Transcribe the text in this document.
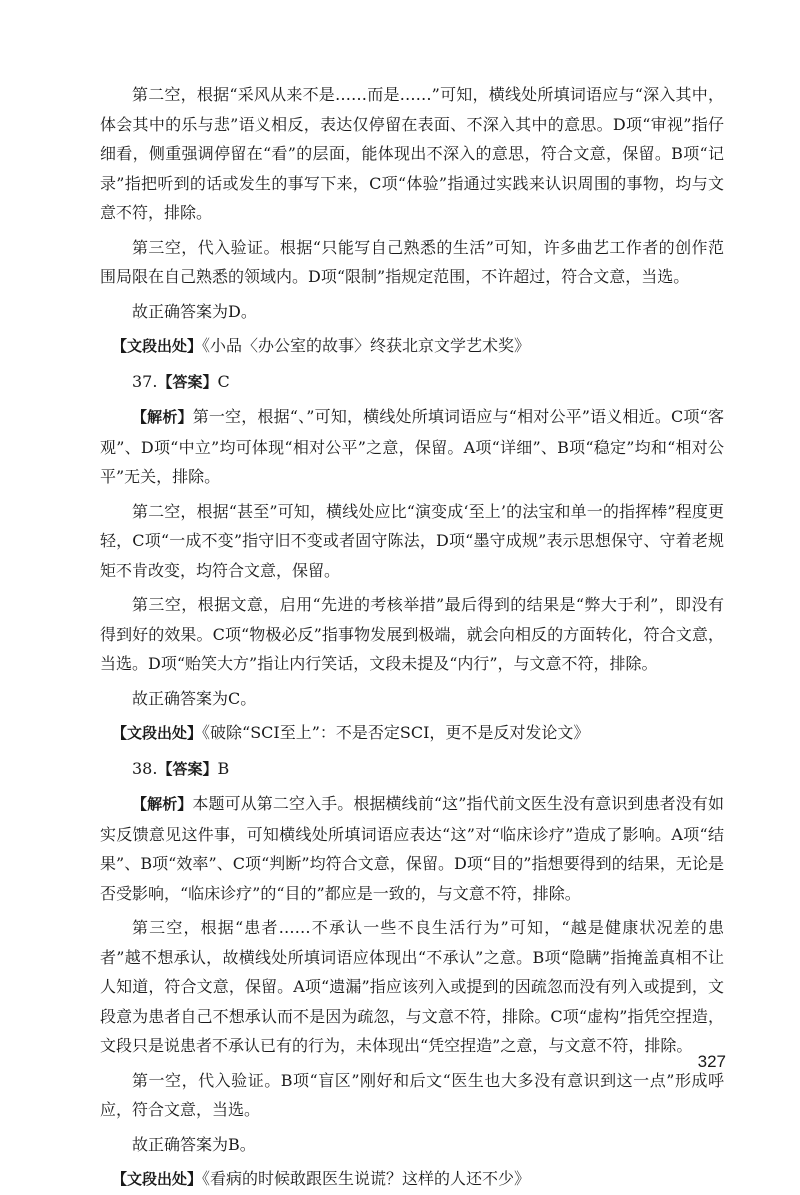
第二空，根据“采风从来不是……而是……”可知，横线处所填词语应与“深入其中，体会其中的乐与悲”语义相反，表达仅停留在表面、不深入其中的意思。D项“审视”指仔细看，侧重强调停留在“看”的层面，能体现出不深入的意思，符合文意，保留。B项“记录”指把听到的话或发生的事写下来，C项“体验”指通过实践来认识周围的事物，均与文意不符，排除。

第三空，代入验证。根据“只能写自己熟悉的生活”可知，许多曲艺工作者的创作范围局限在自己熟悉的领域内。D项“限制”指规定范围，不许超过，符合文意，当选。

故正确答案为D。

【文段出处】《小品〈办公室的故事〉终获北京文学艺术奖》

37.【答案】C

【解析】第一空，根据“、”可知，横线处所填词语应与“相对公平”语义相近。C项“客观”、D项“中立”均可体现“相对公平”之意，保留。A项“详细”、B项“稳定”均和“相对公平”无关，排除。

第二空，根据“甚至”可知，横线处应比“演变成‘至上’的法宝和单一的指挥棒”程度更轻，C项“一成不变”指守旧不变或者固守陈法，D项“墨守成规”表示思想保守、守着老规矩不肯改变，均符合文意，保留。

第三空，根据文意，启用“先进的考核举措”最后得到的结果是“弊大于利”，即没有得到好的效果。C项“物极必反”指事物发展到极端，就会向相反的方面转化，符合文意，当选。D项“贻笑大方”指让内行笑话，文段未提及“内行”，与文意不符，排除。

故正确答案为C。

【文段出处】《破除“SCI至上”：不是否定SCI，更不是反对发论文》

38.【答案】B

【解析】本题可从第二空入手。根据横线前“这”指代前文医生没有意识到患者没有如实反馈意见这件事，可知横线处所填词语应表达“这”对“临床诊疗”造成了影响。A项“结果”、B项“效率”、C项“判断”均符合文意，保留。D项“目的”指想要得到的结果，无论是否受影响，“临床诊疗”的“目的”都应是一致的，与文意不符，排除。

第三空，根据“患者……不承认一些不良生活行为”可知，“越是健康状况差的患者”越不想承认，故横线处所填词语应体现出“不承认”之意。B项“隐瞒”指掩盖真相不让人知道，符合文意，保留。A项“遗漏”指应该列入或提到的因疏忽而没有列入或提到，文段意为患者自己不想承认而不是因为疏忽，与文意不符，排除。C项“虚构”指凭空捏造，文段只是说患者不承认已有的行为，未体现出“凭空捏造”之意，与文意不符，排除。

第一空，代入验证。B项“盲区”刚好和后文“医生也大多没有意识到这一点”形成呼应，符合文意，当选。

故正确答案为B。

【文段出处】《看病的时候敢跟医生说谎？这样的人还不少》

327
